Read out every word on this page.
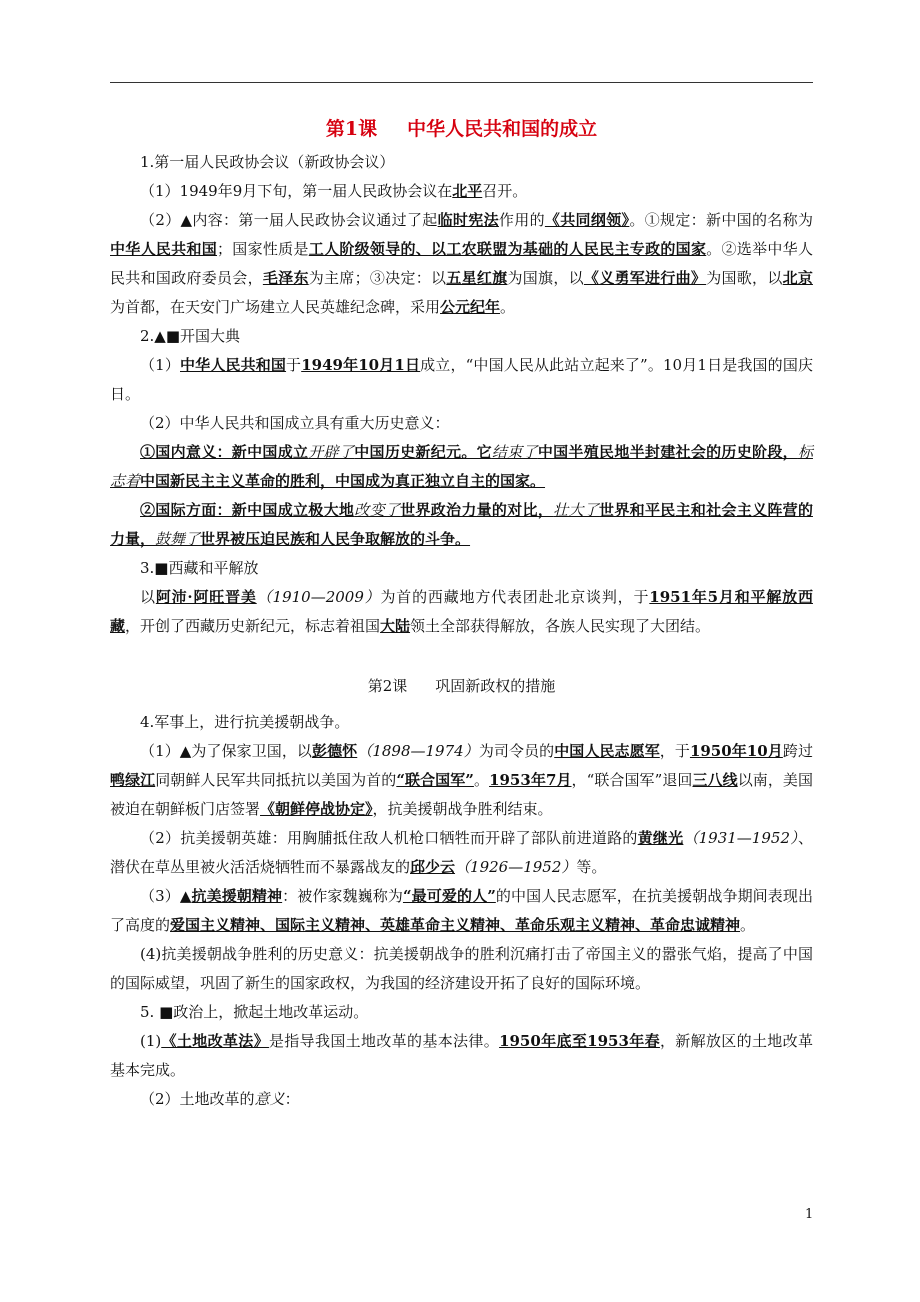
第1课 中华人民共和国的成立

1.第一届人民政协会议（新政协会议）

（1）1949年9月下旬，第一届人民政协会议在北平召开。

（2）▲内容：第一届人民政协会议通过了起临时宪法作用的《共同纲领》。①规定：新中国的名称为中华人民共和国；国家性质是工人阶级领导的、以工农联盟为基础的人民民主专政的国家。②选举中华人民共和国政府委员会，毛泽东为主席；③决定：以五星红旗为国旗，以《义勇军进行曲》为国歌，以北京为首都，在天安门广场建立人民英雄纪念碑，采用公元纪年。

2.▲■开国大典

（1）中华人民共和国于1949年10月1日成立，“中国人民从此站立起来了”。10月1日是我国的国庆日。

（2）中华人民共和国成立具有重大历史意义：

①国内意义：新中国成立开辟了中国历史新纪元。它结束了中国半殖民地半封建社会的历史阶段，标志着中国新民主主义革命的胜利，中国成为真正独立自主的国家。

②国际方面：新中国成立极大地改变了世界政治力量的对比，壮大了世界和平民主和社会主义阵营的力量，鼓舞了世界被压迫民族和人民争取解放的斗争。

3.■西藏和平解放

以阿沛·阿旺晋美（1910—2009）为首的西藏地方代表团赴北京谈判，于1951年5月和平解放西藏，开创了西藏历史新纪元，标志着祖国大陆领土全部获得解放，各族人民实现了大团结。

第2课 巩固新政权的措施

4.军事上，进行抗美援朝战争。

（1）▲为了保家卫国，以彭德怀（1898—1974）为司令员的中国人民志愿军，于1950年10月跨过鸭绿江同朝鲜人民军共同抵抗以美国为首的“联合国军”。1953年7月，“联合国军”退回三八线以南，美国被迫在朝鲜板门店签署《朝鲜停战协定》，抗美援朝战争胜利结束。

（2）抗美援朝英雄：用胸脯抵住敌人机枪口牺牲而开辟了部队前进道路的黄继光（1931—1952）、潜伏在草丛里被火活活烧牺牲而不暴露战友的邱少云（1926—1952）等。

（3）▲抗美援朝精神：被作家魏巍称为“最可爱的人”的中国人民志愿军，在抗美援朝战争期间表现出了高度的爱国主义精神、国际主义精神、英雄革命主义精神、革命乐观主义精神、革命忠诚精神。

(4)抗美援朝战争胜利的历史意义：抗美援朝战争的胜利沉痛打击了帝国主义的嚣张气焰，提高了中国的国际威望，巩固了新生的国家政权，为我国的经济建设开拓了良好的国际环境。

5. ■政治上，掀起土地改革运动。

(1)《土地改革法》是指导我国土地改革的基本法律。1950年底至1953年春，新解放区的土地改革基本完成。

（2）土地改革的意义：

1
